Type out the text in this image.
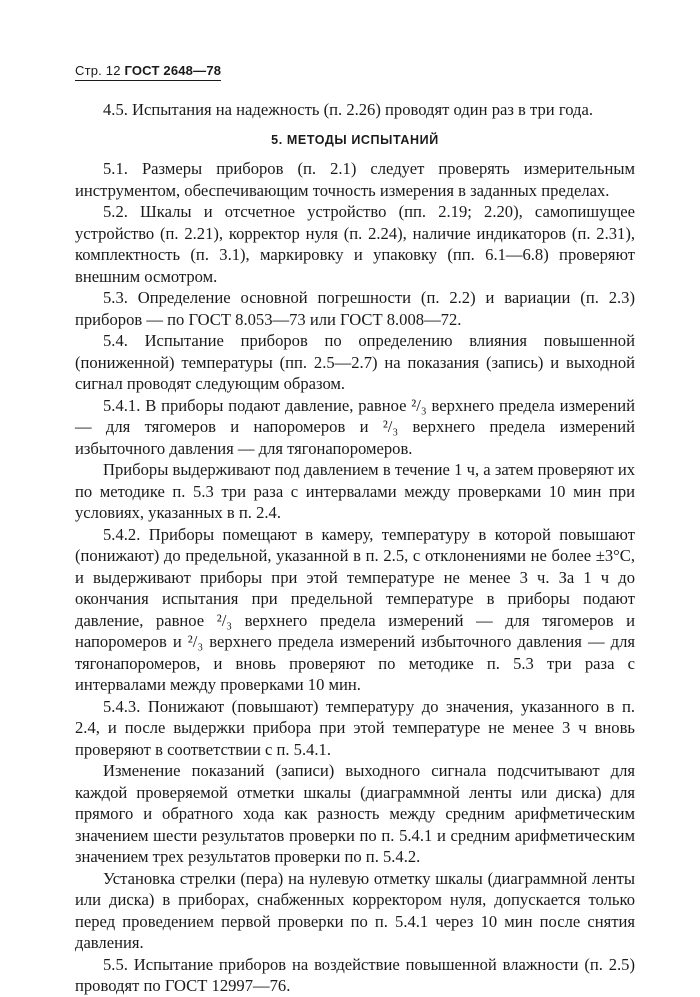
Стр. 12 ГОСТ 2648—78

4.5. Испытания на надежность (п. 2.26) проводят один раз в три года.

5. МЕТОДЫ ИСПЫТАНИЙ

5.1. Размеры приборов (п. 2.1) следует проверять измерительным инструментом, обеспечивающим точность измерения в заданных пределах.

5.2. Шкалы и отсчетное устройство (пп. 2.19; 2.20), самопишущее устройство (п. 2.21), корректор нуля (п. 2.24), наличие индикаторов (п. 2.31), комплектность (п. 3.1), маркировку и упаковку (пп. 6.1—6.8) проверяют внешним осмотром.

5.3. Определение основной погрешности (п. 2.2) и вариации (п. 2.3) приборов — по ГОСТ 8.053—73 или ГОСТ 8.008—72.

5.4. Испытание приборов по определению влияния повышенной (пониженной) температуры (пп. 2.5—2.7) на показания (запись) и выходной сигнал проводят следующим образом.

5.4.1. В приборы подают давление, равное ²/₃ верхнего предела измерений — для тягомеров и напоромеров и ²/₃ верхнего предела измерений избыточного давления — для тягонапоромеров.

Приборы выдерживают под давлением в течение 1 ч, а затем проверяют их по методике п. 5.3 три раза с интервалами между проверками 10 мин при условиях, указанных в п. 2.4.

5.4.2. Приборы помещают в камеру, температуру в которой повышают (понижают) до предельной, указанной в п. 2.5, с отклонениями не более ±3°С, и выдерживают приборы при этой температуре не менее 3 ч. За 1 ч до окончания испытания при предельной температуре в приборы подают давление, равное ²/₃ верхнего предела измерений — для тягомеров и напоромеров и ²/₃ верхнего предела измерений избыточного давления — для тягонапоромеров, и вновь проверяют по методике п. 5.3 три раза с интервалами между проверками 10 мин.

5.4.3. Понижают (повышают) температуру до значения, указанного в п. 2.4, и после выдержки прибора при этой температуре не менее 3 ч вновь проверяют в соответствии с п. 5.4.1.

Изменение показаний (записи) выходного сигнала подсчитывают для каждой проверяемой отметки шкалы (диаграммной ленты или диска) для прямого и обратного хода как разность между средним арифметическим значением шести результатов проверки по п. 5.4.1 и средним арифметическим значением трех результатов проверки по п. 5.4.2.

Установка стрелки (пера) на нулевую отметку шкалы (диаграммной ленты или диска) в приборах, снабженных корректором нуля, допускается только перед проведением первой проверки по п. 5.4.1 через 10 мин после снятия давления.

5.5. Испытание приборов на воздействие повышенной влажности (п. 2.5) проводят по ГОСТ 12997—76.
